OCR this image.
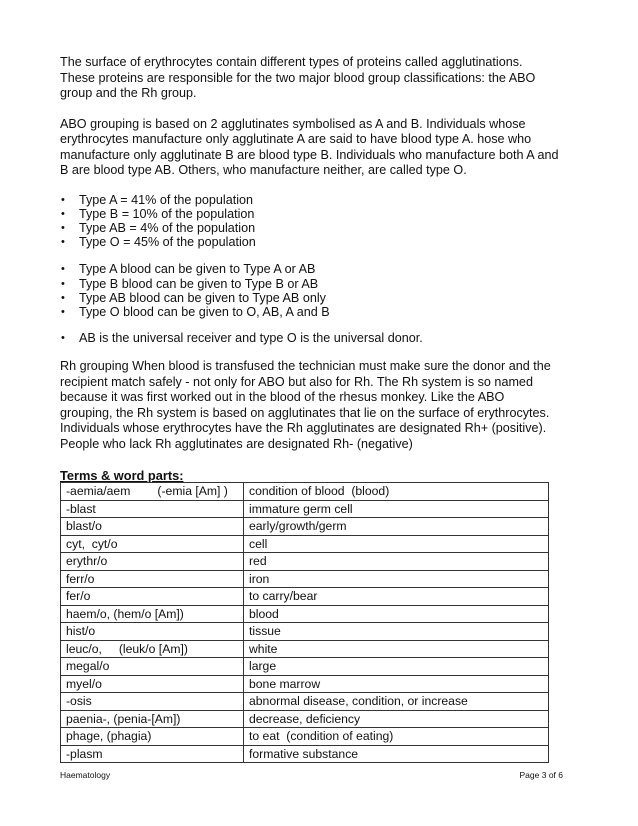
The surface of erythrocytes contain different types of proteins called agglutinations. These proteins are responsible for the two major blood group classifications: the ABO group and the Rh group.

ABO grouping is based on 2 agglutinates symbolised as A and B. Individuals whose erythrocytes manufacture only agglutinate A are said to have blood type A. hose who manufacture only agglutinate B are blood type B. Individuals who manufacture both A and B are blood type AB. Others, who manufacture neither, are called type O.

• Type A = 41% of the population
• Type B = 10% of the population
• Type AB = 4% of the population
• Type O = 45% of the population
• Type A blood can be given to Type A or AB
• Type B blood can be given to Type B or AB
• Type AB blood can be given to Type AB only
• Type O blood can be given to O, AB, A and B
• AB is the universal receiver and type O is the universal donor.

Rh grouping When blood is transfused the technician must make sure the donor and the recipient match safely - not only for ABO but also for Rh. The Rh system is so named because it was first worked out in the blood of the rhesus monkey. Like the ABO grouping, the Rh system is based on agglutinates that lie on the surface of erythrocytes. Individuals whose erythrocytes have the Rh agglutinates are designated Rh+ (positive). People who lack Rh agglutinates are designated Rh- (negative)

Terms & word parts:

-aemia/aem        (-emia [Am] )	condition of blood  (blood)
-blast	immature germ cell
blast/o	early/growth/germ
cyt,  cyt/o	cell
erythr/o	red
ferr/o	iron
fer/o	to carry/bear
haem/o, (hem/o [Am])	blood
hist/o	tissue
leuc/o,     (leuk/o [Am])	white
megal/o	large
myel/o	bone marrow
-osis	abnormal disease, condition, or increase
paenia-, (penia-[Am])	decrease, deficiency
phage, (phagia)	to eat  (condition of eating)
-plasm	formative substance
Haematology	Page 3 of 6
